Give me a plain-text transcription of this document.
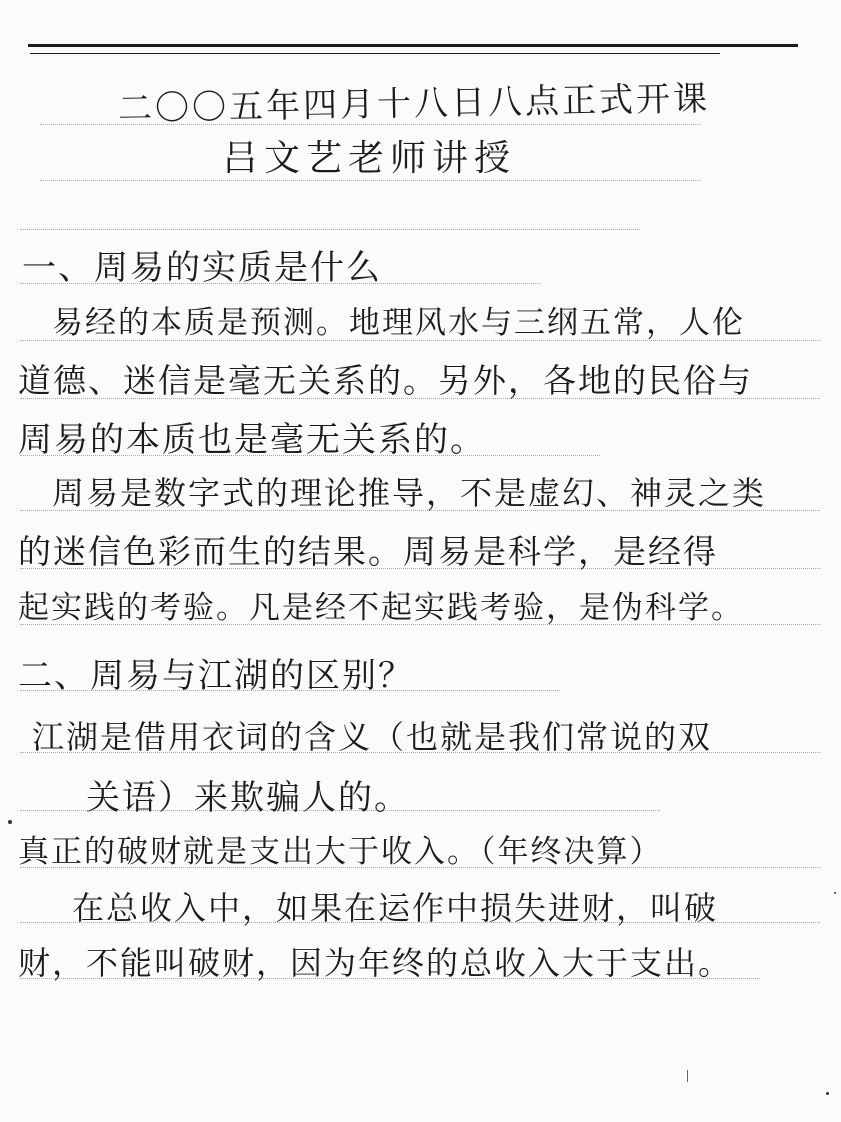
二〇〇五年四月十八日八点正式开课
吕文艺老师讲授
一、周易的实质是什么
易经的本质是预测。地理风水与三纲五常，人伦
道德、迷信是毫无关系的。另外，各地的民俗与
周易的本质也是毫无关系的。
周易是数字式的理论推导，不是虚幻、神灵之类
的迷信色彩而生的结果。周易是科学，是经得
起实践的考验。凡是经不起实践考验，是伪科学。
二、周易与江湖的区别？
江湖是借用衣词的含义（也就是我们常说的双
关语）来欺骗人的。
真正的破财就是支出大于收入。（年终决算）
在总收入中，如果在运作中损失进财，叫破
财，不能叫破财，因为年终的总收入大于支出。
